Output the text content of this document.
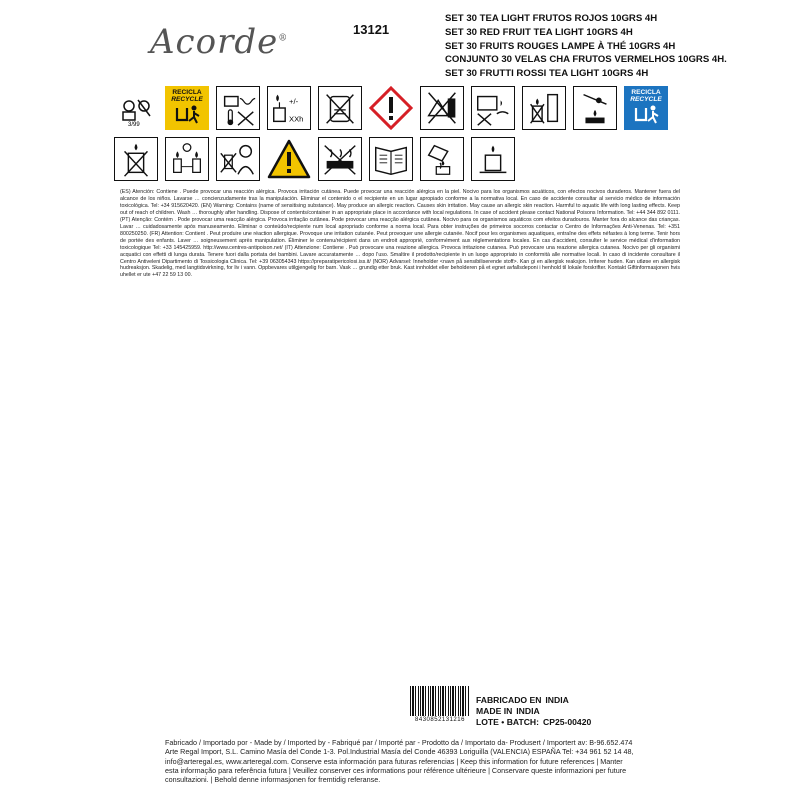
Acorde®
13121
SET 30 TEA LIGHT FRUTOS ROJOS 10GRS 4H
SET 30 RED FRUIT TEA LIGHT 10GRS 4H
SET 30 FRUITS ROUGES LAMPE À THÉ 10GRS 4H
CONJUNTO 30 VELAS CHA FRUTOS VERMELHOS 10GRS 4H.
SET 30 FRUTTI ROSSI TEA LIGHT 10GRS 4H
3/99
RECICLA
RECYCLE	+/-
XXh
RECICLA
RECYCLE
(ES) Atención: Contiene . Puede provocar una reacción alérgica. Provoca irritación cutánea. Puede provocar una reacción alérgica en la piel. Nocivo para los organismos acuáticos, con efectos nocivos duraderos. Mantener fuera del alcance de los niños. Lavarse … concienzudamente tras la manipulación. Eliminar el contenido o el recipiente en un lugar apropiado conforme a la normativa local. En caso de accidente consultar al servicio médico de información toxicológica. Tel: +34 915620420. (EN) Warning: Contains (name of sensitising substance). May produce an allergic reaction. Causes skin irritation. May cause an allergic skin reaction. Harmful to aquatic life with long lasting effects. Keep out of reach of children. Wash … thoroughly after handling. Dispose of contents/container in an appropriate place in accordance with local regulations. In case of accident please contact National Poisons Information. Tel: +44 344 892 0111. (PT) Atenção: Contém . Pode provocar uma reacção alérgica. Provoca irritação cutânea. Pode provocar uma reacção alérgica cutânea. Nocivo para os organismos aquáticos com efeitos duradouros. Manter fora do alcance das crianças. Lavar … cuidadosamente após manuseamento. Eliminar o conteúdo/recipiente num local apropriado conforme a norma local. Para obter instruções de primeiros socorros contactar o Centro de Informações Anti-Venenas. Tel: +351 800250250. (FR) Attention: Contient . Peut produire une réaction allergique. Provoque une irritation cutanée. Peut provoquer une allergie cutanée. Nocif pour les organismes aquatiques, entraîne des effets néfastes à long terme. Tenir hors de portée des enfants. Laver … soigneusement après manipulation. Éliminer le contenu/récipient dans un endroit approprié, conformément aux réglementations locales. En cas d'accident, consulter le service médical d'information toxicologique Tel: +33 145425959. http://www.centres-antipoison.net/ (IT) Attenzione: Contiene . Può provocare una reazione allergica. Provoca irritazione cutanea. Può provocare una reazione allergica cutanea. Nocivo per gli organismi acquatici con effetti di lunga durata. Tenere fuori dalla portata dei bambini. Lavare accuratamente … dopo l'uso. Smaltire il prodotto/recipiente in un luogo appropriato in conformità alle normative locali. In caso di incidente consultare il Centro Antiveleni Dipartimento di Tossicologia Clinica. Tel: +39 063054343 https://preparatipericolosi.iss.it/ (NOR) Advarsel: Inneholder <navn på sensibiliserende stoff>. Kan gi en allergisk reaksjon. Irriterer huden. Kan utløse en allergisk hudreaksjon. Skadelig, med langtidsvirkning, for liv i vann. Oppbevares utilgjengelig for barn. Vask … grundig etter bruk. Kast innholdet eller beholderen på et egnet avfallsdeponi i henhold til lokale forskrifter. Kontakt Giftinformasjonen hvis uhellet er ute +47 22 59 13 00.
8430852131216
FABRICADO EN INDIA
MADE IN INDIA
LOTE • BATCH: CP25-00420
Fabricado / Importado por - Made by / Imported by - Fabriqué par / Importé par - Prodotto da / Importato da- Produsert / Importert av: B-96.652.474 Arte Regal Import, S.L. Camino Masía del Conde 1-3. Pol.Industrial Masía del Conde 46393 Loriguilla (VALENCIA) ESPAÑA Tel: +34 961 52 14 48, info@arteregal.es, www.arteregal.com. Conserve esta información para futuras referencias | Keep this information for future references | Manter esta informação para referência futura | Veuillez conserver ces informations pour référence ultérieure | Conservare queste informazioni per future consultazioni. | Behold denne informasjonen for fremtidig referanse.
